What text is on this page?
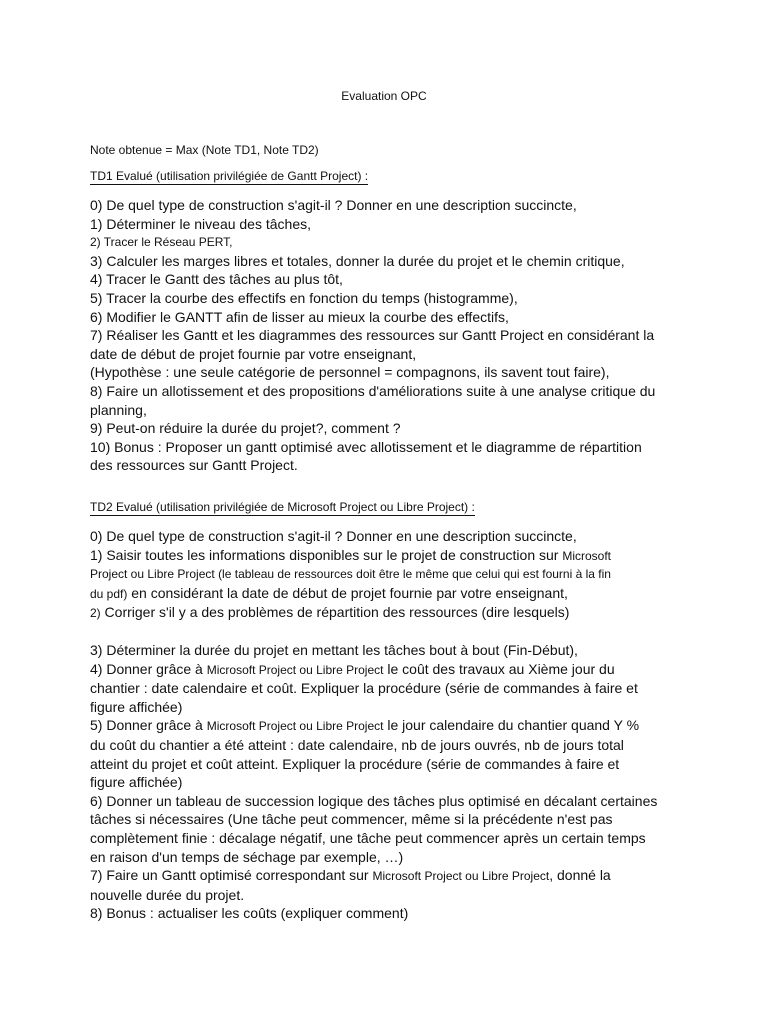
Evaluation OPC
Note obtenue = Max (Note TD1, Note TD2)
TD1 Evalué (utilisation privilégiée de Gantt Project) :
0) De quel type de construction s'agit-il ? Donner en une description succincte,
1) Déterminer le niveau des tâches,
2) Tracer le Réseau PERT,
3) Calculer les marges libres et totales, donner la durée du projet et le chemin critique,
4) Tracer le Gantt des tâches au plus tôt,
5) Tracer la courbe des effectifs en fonction du temps (histogramme),
6) Modifier le GANTT afin de lisser au mieux la courbe des effectifs,
7) Réaliser les Gantt et les diagrammes des ressources sur Gantt Project en considérant la
date de début de projet fournie par votre enseignant,
(Hypothèse : une seule catégorie de personnel = compagnons, ils savent tout faire),
8) Faire un allotissement et des propositions d'améliorations suite à une analyse critique du
planning,
9) Peut-on réduire la durée du projet?, comment ?
10) Bonus : Proposer un gantt optimisé avec allotissement et le diagramme de répartition
des ressources sur Gantt Project.
TD2 Evalué (utilisation privilégiée de Microsoft Project ou Libre Project) :
0) De quel type de construction s'agit-il ? Donner en une description succincte,
1) Saisir toutes les informations disponibles sur le projet de construction sur Microsoft
Project ou Libre Project (le tableau de ressources doit être le même que celui qui est fourni à la fin
du pdf) en considérant la date de début de projet fournie par votre enseignant,
2) Corriger s'il y a des problèmes de répartition des ressources (dire lesquels)
3) Déterminer la durée du projet en mettant les tâches bout à bout (Fin-Début),
4) Donner grâce à Microsoft Project ou Libre Project le coût des travaux au Xième jour du
chantier : date calendaire et coût. Expliquer la procédure (série de commandes à faire et
figure affichée)
5) Donner grâce à Microsoft Project ou Libre Project le jour calendaire du chantier quand Y %
du coût du chantier a été atteint : date calendaire, nb de jours ouvrés, nb de jours total
atteint du projet et coût atteint. Expliquer la procédure (série de commandes à faire et
figure affichée)
6) Donner un tableau de succession logique des tâches plus optimisé en décalant certaines
tâches si nécessaires (Une tâche peut commencer, même si la précédente n'est pas
complètement finie : décalage négatif, une tâche peut commencer après un certain temps
en raison d'un temps de séchage par exemple, …)
7) Faire un Gantt optimisé correspondant sur Microsoft Project ou Libre Project, donné la
nouvelle durée du projet.
8) Bonus : actualiser les coûts (expliquer comment)
